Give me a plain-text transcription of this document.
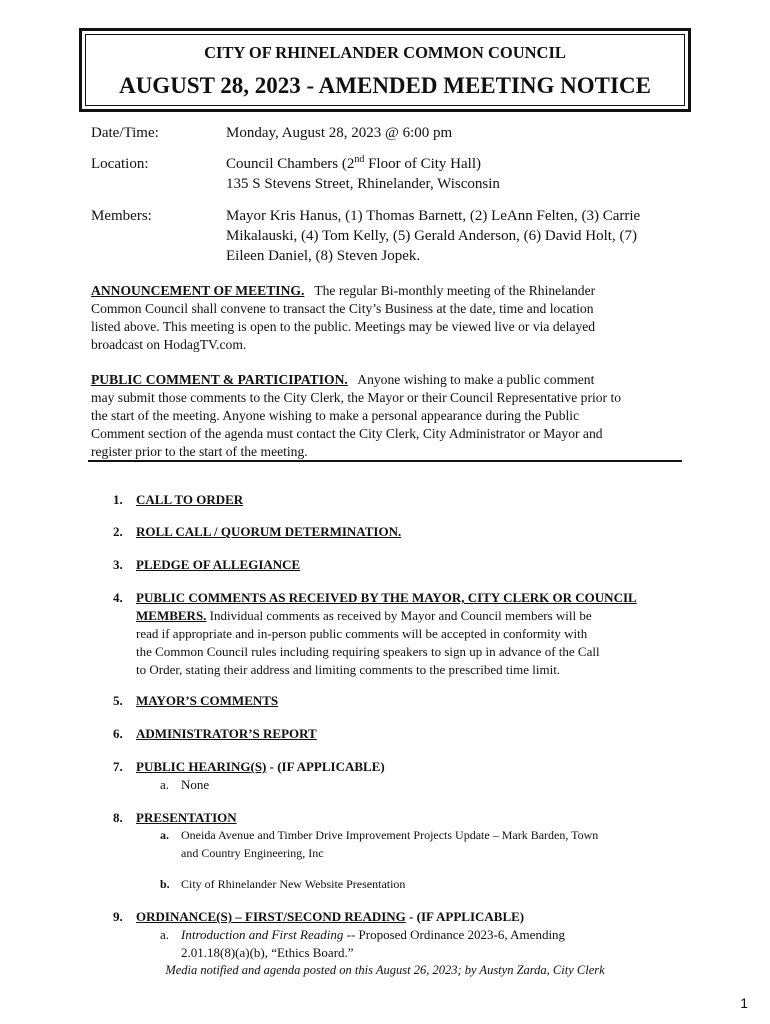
CITY OF RHINELANDER COMMON COUNCIL
AUGUST 28, 2023 - AMENDED MEETING NOTICE
Date/Time:	Monday, August 28, 2023 @ 6:00 pm
Location:	Council Chambers (2nd Floor of City Hall)
135 S Stevens Street, Rhinelander, Wisconsin
Members:	Mayor Kris Hanus, (1) Thomas Barnett, (2) LeAnn Felten, (3) Carrie
Mikalauski, (4) Tom Kelly, (5) Gerald Anderson, (6) David Holt, (7)
Eileen Daniel, (8) Steven Jopek.
ANNOUNCEMENT OF MEETING.   The regular Bi-monthly meeting of the Rhinelander
Common Council shall convene to transact the City’s Business at the date, time and location
listed above. This meeting is open to the public. Meetings may be viewed live or via delayed
broadcast on HodagTV.com.
PUBLIC COMMENT & PARTICIPATION.   Anyone wishing to make a public comment
may submit those comments to the City Clerk, the Mayor or their Council Representative prior to
the start of the meeting. Anyone wishing to make a personal appearance during the Public
Comment section of the agenda must contact the City Clerk, City Administrator or Mayor and
register prior to the start of the meeting.
1. CALL TO ORDER
2. ROLL CALL / QUORUM DETERMINATION.
3. PLEDGE OF ALLEGIANCE
4. PUBLIC COMMENTS AS RECEIVED BY THE MAYOR, CITY CLERK OR COUNCIL
MEMBERS. Individual comments as received by Mayor and Council members will be
read if appropriate and in-person public comments will be accepted in conformity with
the Common Council rules including requiring speakers to sign up in advance of the Call
to Order, stating their address and limiting comments to the prescribed time limit.
5. MAYOR’S COMMENTS
6. ADMINISTRATOR’S REPORT
7. PUBLIC HEARING(S) - (IF APPLICABLE)
a. None
8. PRESENTATION
a. Oneida Avenue and Timber Drive Improvement Projects Update – Mark Barden, Town
and Country Engineering, Inc
b. City of Rhinelander New Website Presentation
9. ORDINANCE(S) – FIRST/SECOND READING - (IF APPLICABLE)
a. Introduction and First Reading -- Proposed Ordinance 2023-6, Amending
2.01.18(8)(a)(b), “Ethics Board.”
Media notified and agenda posted on this August 26, 2023; by Austyn Zarda, City Clerk
1
